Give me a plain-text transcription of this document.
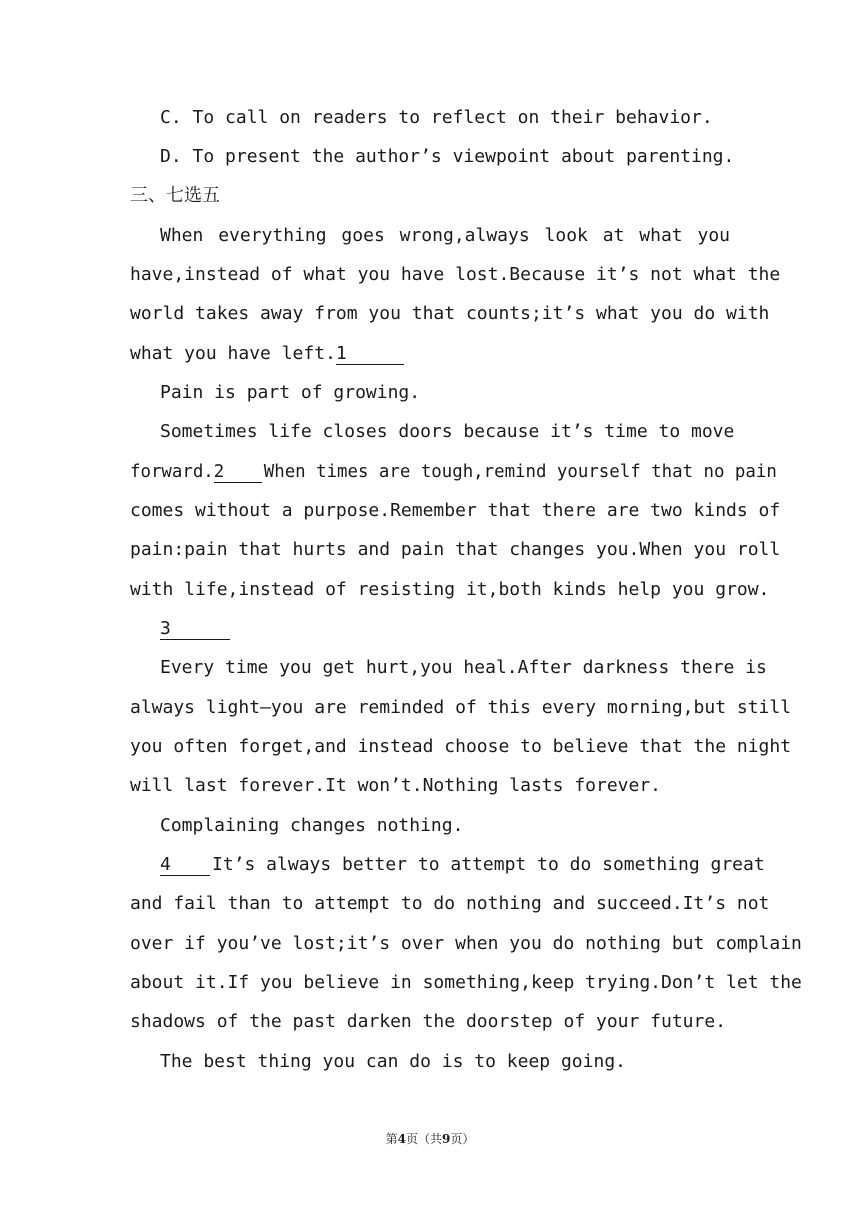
C. To call on readers to reflect on their behavior.
D. To present the author’s viewpoint about parenting.
三、七选五
When everything goes wrong,always look at what you
have,instead of what you have lost.Because it’s not what the
world takes away from you that counts;it’s what you do with
what you have left.1
Pain is part of growing.
Sometimes life closes doors because it’s time to move
forward.2 When times are tough,remind yourself that no pain
comes without a purpose.Remember that there are two kinds of
pain:pain that hurts and pain that changes you.When you roll
with life,instead of resisting it,both kinds help you grow.
3
Every time you get hurt,you heal.After darkness there is
always light—you are reminded of this every morning,but still
you often forget,and instead choose to believe that the night
will last forever.It won’t.Nothing lasts forever.
Complaining changes nothing.
4 It’s always better to attempt to do something great
and fail than to attempt to do nothing and succeed.It’s not
over if you’ve lost;it’s over when you do nothing but complain
about it.If you believe in something,keep trying.Don’t let the
shadows of the past darken the doorstep of your future.
The best thing you can do is to keep going.
第4页（共9页）
